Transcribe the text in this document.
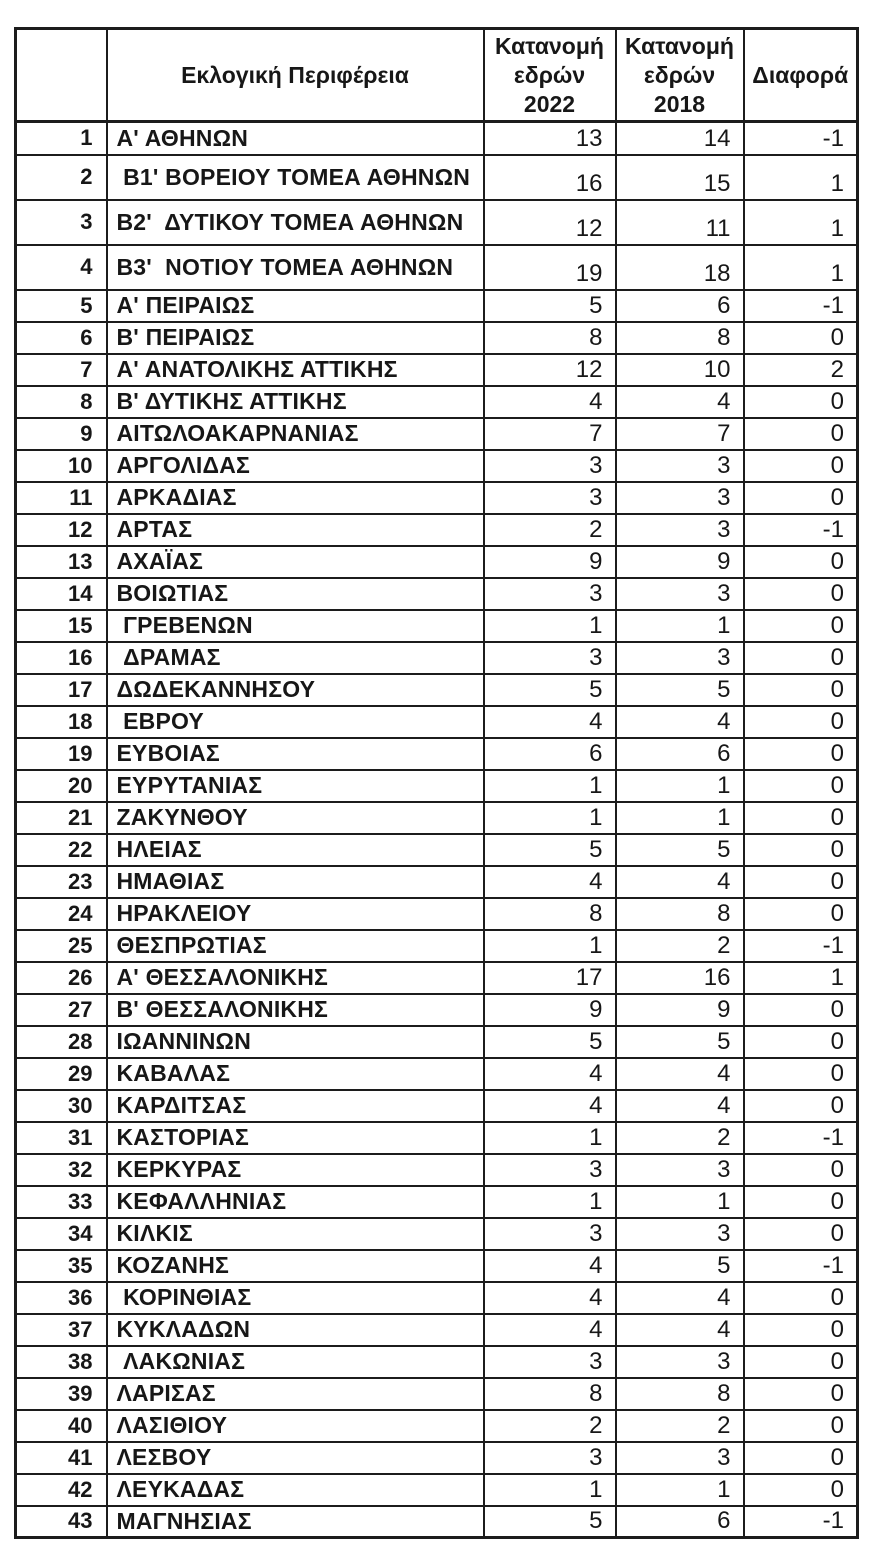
	Εκλογική Περιφέρεια	Κατανομή εδρών 2022	Κατανομή εδρών 2018	Διαφορά
1	Α' ΑΘΗΝΩΝ	13	14	-1
2	Β1' ΒΟΡΕΙΟΥ ΤΟΜΕΑ ΑΘΗΝΩΝ	16	15	1
3	Β2'  ΔΥΤΙΚΟΥ ΤΟΜΕΑ ΑΘΗΝΩΝ	12	11	1
4	Β3'  ΝΟΤΙΟΥ ΤΟΜΕΑ ΑΘΗΝΩΝ	19	18	1
5	Α' ΠΕΙΡΑΙΩΣ	5	6	-1
6	Β' ΠΕΙΡΑΙΩΣ	8	8	0
7	Α' ΑΝΑΤΟΛΙΚΗΣ ΑΤΤΙΚΗΣ	12	10	2
8	Β' ΔΥΤΙΚΗΣ ΑΤΤΙΚΗΣ	4	4	0
9	ΑΙΤΩΛΟΑΚΑΡΝΑΝΙΑΣ	7	7	0
10	ΑΡΓΟΛΙΔΑΣ	3	3	0
11	ΑΡΚΑΔΙΑΣ	3	3	0
12	ΑΡΤΑΣ	2	3	-1
13	ΑΧΑΪΑΣ	9	9	0
14	ΒΟΙΩΤΙΑΣ	3	3	0
15	ΓΡΕΒΕΝΩΝ	1	1	0
16	ΔΡΑΜΑΣ	3	3	0
17	ΔΩΔΕΚΑΝΝΗΣΟΥ	5	5	0
18	ΕΒΡΟΥ	4	4	0
19	ΕΥΒΟΙΑΣ	6	6	0
20	ΕΥΡΥΤΑΝΙΑΣ	1	1	0
21	ΖΑΚΥΝΘΟΥ	1	1	0
22	ΗΛΕΙΑΣ	5	5	0
23	ΗΜΑΘΙΑΣ	4	4	0
24	ΗΡΑΚΛΕΙΟΥ	8	8	0
25	ΘΕΣΠΡΩΤΙΑΣ	1	2	-1
26	Α' ΘΕΣΣΑΛΟΝΙΚΗΣ	17	16	1
27	Β' ΘΕΣΣΑΛΟΝΙΚΗΣ	9	9	0
28	ΙΩΑΝΝΙΝΩΝ	5	5	0
29	ΚΑΒΑΛΑΣ	4	4	0
30	ΚΑΡΔΙΤΣΑΣ	4	4	0
31	ΚΑΣΤΟΡΙΑΣ	1	2	-1
32	ΚΕΡΚΥΡΑΣ	3	3	0
33	ΚΕΦΑΛΛΗΝΙΑΣ	1	1	0
34	ΚΙΛΚΙΣ	3	3	0
35	ΚΟΖΑΝΗΣ	4	5	-1
36	ΚΟΡΙΝΘΙΑΣ	4	4	0
37	ΚΥΚΛΑΔΩΝ	4	4	0
38	ΛΑΚΩΝΙΑΣ	3	3	0
39	ΛΑΡΙΣΑΣ	8	8	0
40	ΛΑΣΙΘΙΟΥ	2	2	0
41	ΛΕΣΒΟΥ	3	3	0
42	ΛΕΥΚΑΔΑΣ	1	1	0
43	ΜΑΓΝΗΣΙΑΣ	5	6	-1
